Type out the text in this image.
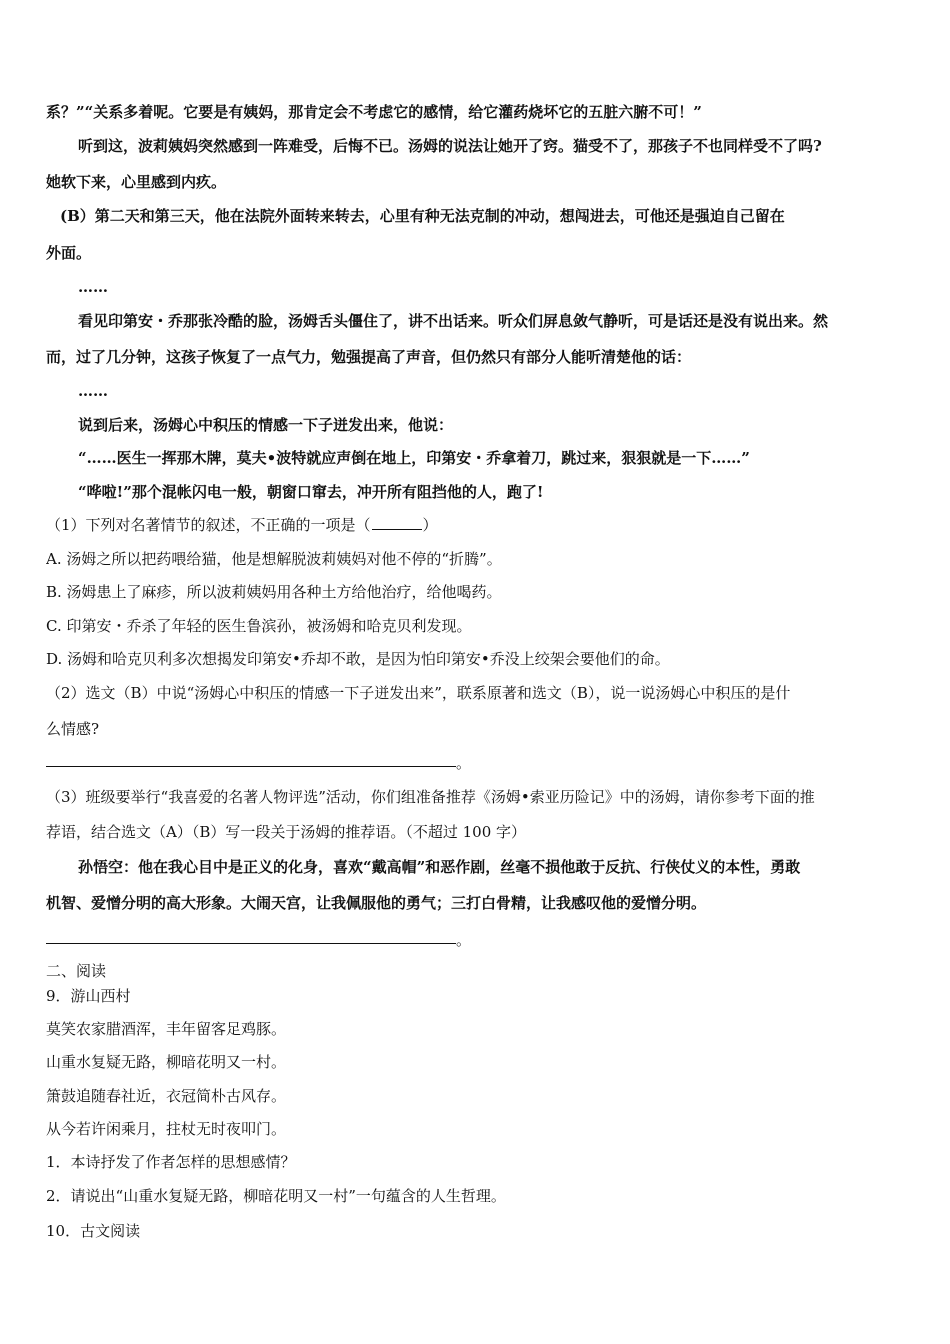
系？”“关系多着呢。它要是有姨妈，那肯定会不考虑它的感情，给它灌药烧坏它的五脏六腑不可！”
听到这，波莉姨妈突然感到一阵难受，后悔不已。汤姆的说法让她开了窍。猫受不了，那孩子不也同样受不了吗?
她软下来，心里感到内疚。
(B）第二天和第三天，他在法院外面转来转去，心里有种无法克制的冲动，想闯进去，可他还是强迫自己留在
外面。
……
看见印第安・乔那张冷酷的脸，汤姆舌头僵住了，讲不出话来。听众们屏息敛气静听，可是话还是没有说出来。然
而，过了几分钟，这孩子恢复了一点气力，勉强提高了声音，但仍然只有部分人能听清楚他的话：
……
说到后来，汤姆心中积压的情感一下子迸发出来，他说：
“……医生一挥那木牌，莫夫•波特就应声倒在地上，印第安・乔拿着刀，跳过来，狠狠就是一下……”
“哗啦!”那个混帐闪电一般，朝窗口窜去，冲开所有阻挡他的人，跑了!
（1）下列对名著情节的叙述，不正确的一项是（	）
A. 汤姆之所以把药喂给猫，他是想解脱波莉姨妈对他不停的“折腾”。
B. 汤姆患上了麻疹，所以波莉姨妈用各种土方给他治疗，给他喝药。
C. 印第安・乔杀了年轻的医生鲁滨孙，被汤姆和哈克贝利发现。
D. 汤姆和哈克贝利多次想揭发印第安•乔却不敢，是因为怕印第安•乔没上绞架会要他们的命。
（2）选文（B）中说“汤姆心中积压的情感一下子迸发出来”，联系原著和选文（B），说一说汤姆心中积压的是什
么情感?
。
（3）班级要举行“我喜爱的名著人物评选”活动，你们组准备推荐《汤姆•索亚历险记》中的汤姆，请你参考下面的推
荐语，结合选文（A）（B）写一段关于汤姆的推荐语。（不超过 100 字）
孙悟空：他在我心目中是正义的化身，喜欢“戴高帽”和恶作剧，丝毫不损他敢于反抗、行侠仗义的本性，勇敢
机智、爱憎分明的高大形象。大闹天宫，让我佩服他的勇气；三打白骨精，让我感叹他的爱憎分明。
。
二、阅读
9．游山西村
莫笑农家腊酒浑，丰年留客足鸡豚。
山重水复疑无路，柳暗花明又一村。
箫鼓追随春社近，衣冠简朴古风存。
从今若许闲乘月，拄杖无时夜叩门。
1．本诗抒发了作者怎样的思想感情？
2．请说出“山重水复疑无路，柳暗花明又一村”一句蕴含的人生哲理。
10．古文阅读
